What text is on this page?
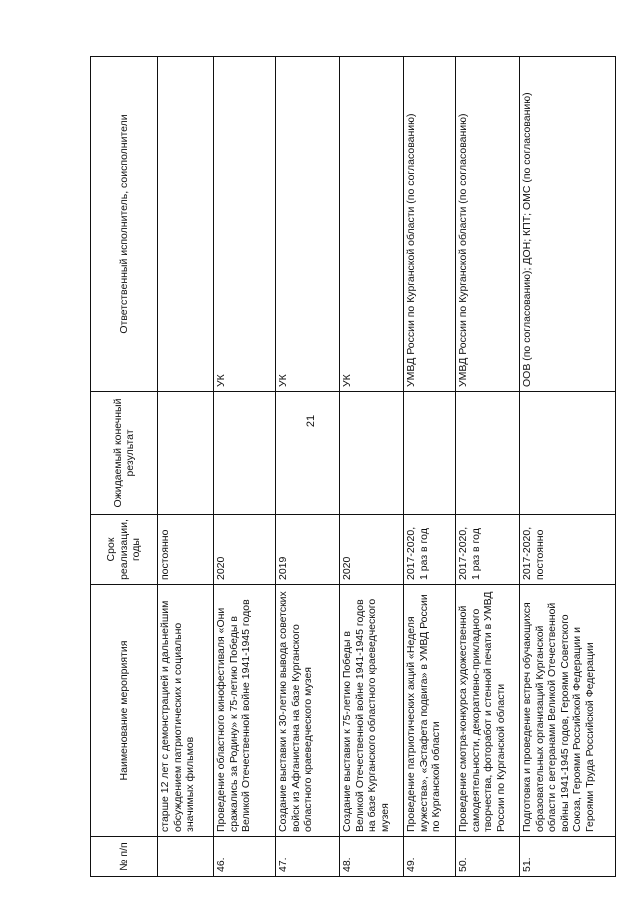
21
№ п/п	Наименование мероприятия	Срок реализации, годы	Ожидаемый конечный результат	Ответственный исполнитель, соисполнители
	старше 12 лет с демонстрацией и дальнейшим обсуждением патриотических и социально значимых фильмов	постоянно		
46.	Проведение областного кинофестиваля «Они сражались за Родину» к 75-летию Победы в Великой Отечественной войне 1941-1945 годов	2020		УК
47.	Создание выставки к 30-летию вывода советских войск из Афганистана на базе Курганского областного краеведческого музея	2019		УК
48.	Создание выставки к 75-летию Победы в Великой Отечественной войне 1941-1945 годов на базе Курганского областного краеведческого музея	2020		УК
49.	Проведение патриотических акций «Неделя мужества», «Эстафета подвига» в УМВД России по Курганской области	2017-2020, 1 раз в год		УМВД России по Курганской области (по согласованию)
50.	Проведение смотра-конкурса художественной самодеятельности, декоративно-прикладного творчества, фоторабот и стенной печати в УМВД России по Курганской области	2017-2020, 1 раз в год		УМВД России по Курганской области (по согласованию)
51.	Подготовка и проведение встреч обучающихся образовательных организаций Курганской области с ветеранами Великой Отечественной войны 1941-1945 годов, Героями Советского Союза, Героями Российской Федерации и Героями Труда Российской Федерации	2017-2020, постоянно		ООВ (по согласованию); ДОН; КПТ; ОМС (по согласованию)
